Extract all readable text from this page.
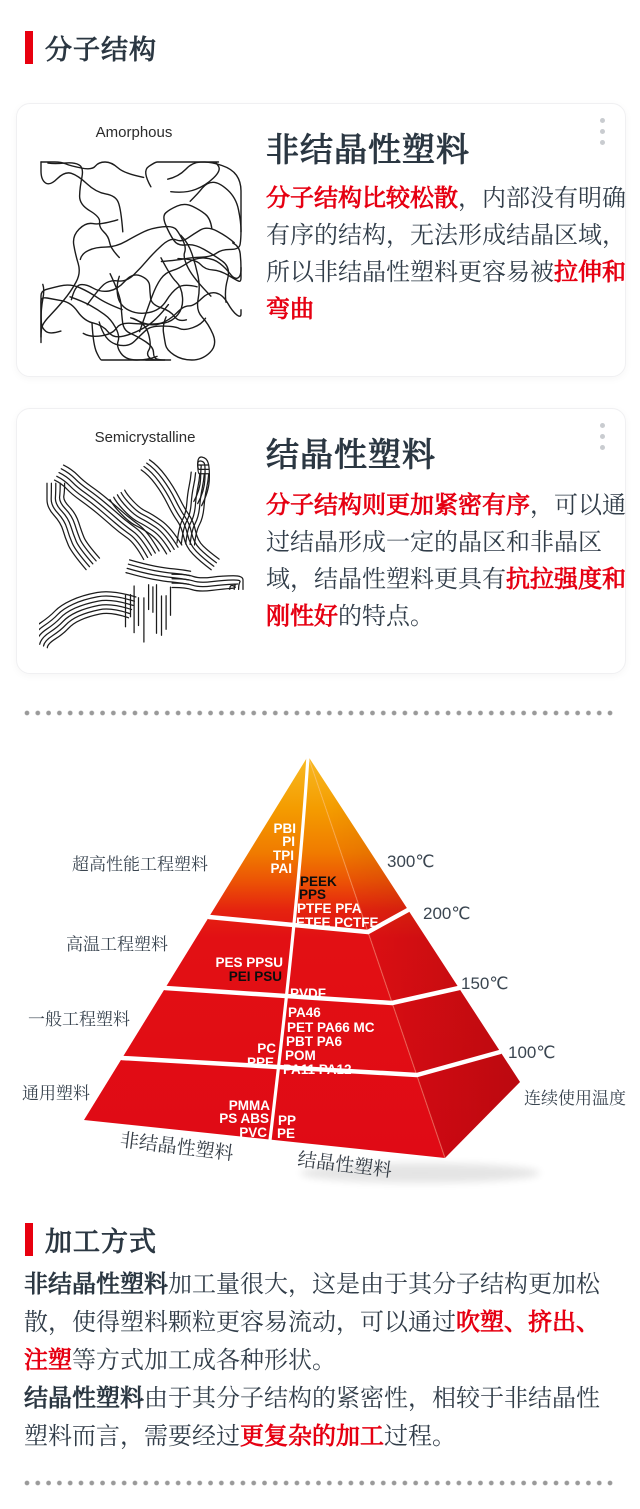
分子结构
Amorphous	非结晶性塑料

分子结构比较松散，内部没有明确有序的结构，无法形成结晶区域，所以非结晶性塑料更容易被拉伸和弯曲

Semicrystalline	结晶性塑料

分子结构则更加紧密有序，可以通过结晶形成一定的晶区和非晶区域，结晶性塑料更具有抗拉强度和刚性好的特点。

超高性能工程塑料
高温工程塑料
一般工程塑料
通用塑料
300℃
200℃
150℃
100℃
连续使用温度
非结晶性塑料
结晶性塑料
PBI
PI
TPI
PAI
PEEK
PPS
PTFE PFA
ETFE PCTFE
PES PPSU
PEI PSU
PVDF
PA46
PET PA66 MC
PBT PA6
PC POM
PPE PA11 PA12
PMMA
PS ABS PP
PVC PE
加工方式

非结晶性塑料加工量很大，这是由于其分子结构更加松散，使得塑料颗粒更容易流动，可以通过吹塑、挤出、注塑等方式加工成各种形状。

结晶性塑料由于其分子结构的紧密性，相较于非结晶性塑料而言，需要经过更复杂的加工过程。
